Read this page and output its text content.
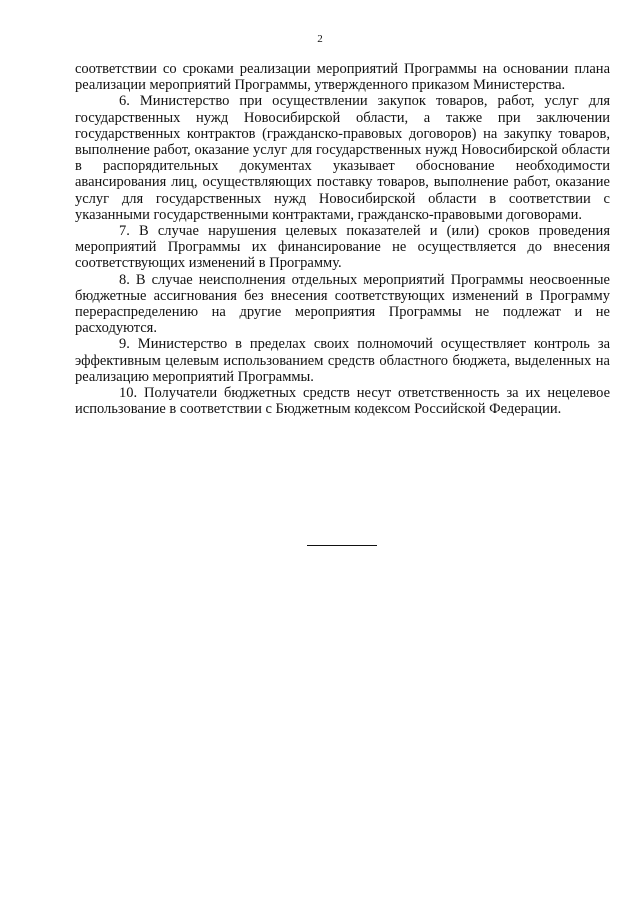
2

соответствии со сроками реализации мероприятий Программы на основании плана реализации мероприятий Программы, утвержденного приказом Министерства.

6. Министерство при осуществлении закупок товаров, работ, услуг для государственных нужд Новосибирской области, а также при заключении государственных контрактов (гражданско-правовых договоров) на закупку товаров, выполнение работ, оказание услуг для государственных нужд Новосибирской области в распорядительных документах указывает обоснование необходимости авансирования лиц, осуществляющих поставку товаров, выполнение работ, оказание услуг для государственных нужд Новосибирской области в соответствии с указанными государственными контрактами, гражданско-правовыми договорами.

7. В случае нарушения целевых показателей и (или) сроков проведения мероприятий Программы их финансирование не осуществляется до внесения соответствующих изменений в Программу.

8. В случае неисполнения отдельных мероприятий Программы неосвоенные бюджетные ассигнования без внесения соответствующих изменений в Программу перераспределению на другие мероприятия Программы не подлежат и не расходуются.

9. Министерство в пределах своих полномочий осуществляет контроль за эффективным целевым использованием средств областного бюджета, выделенных на реализацию мероприятий Программы.

10. Получатели бюджетных средств несут ответственность за их нецелевое использование в соответствии с Бюджетным кодексом Российской Федерации.
